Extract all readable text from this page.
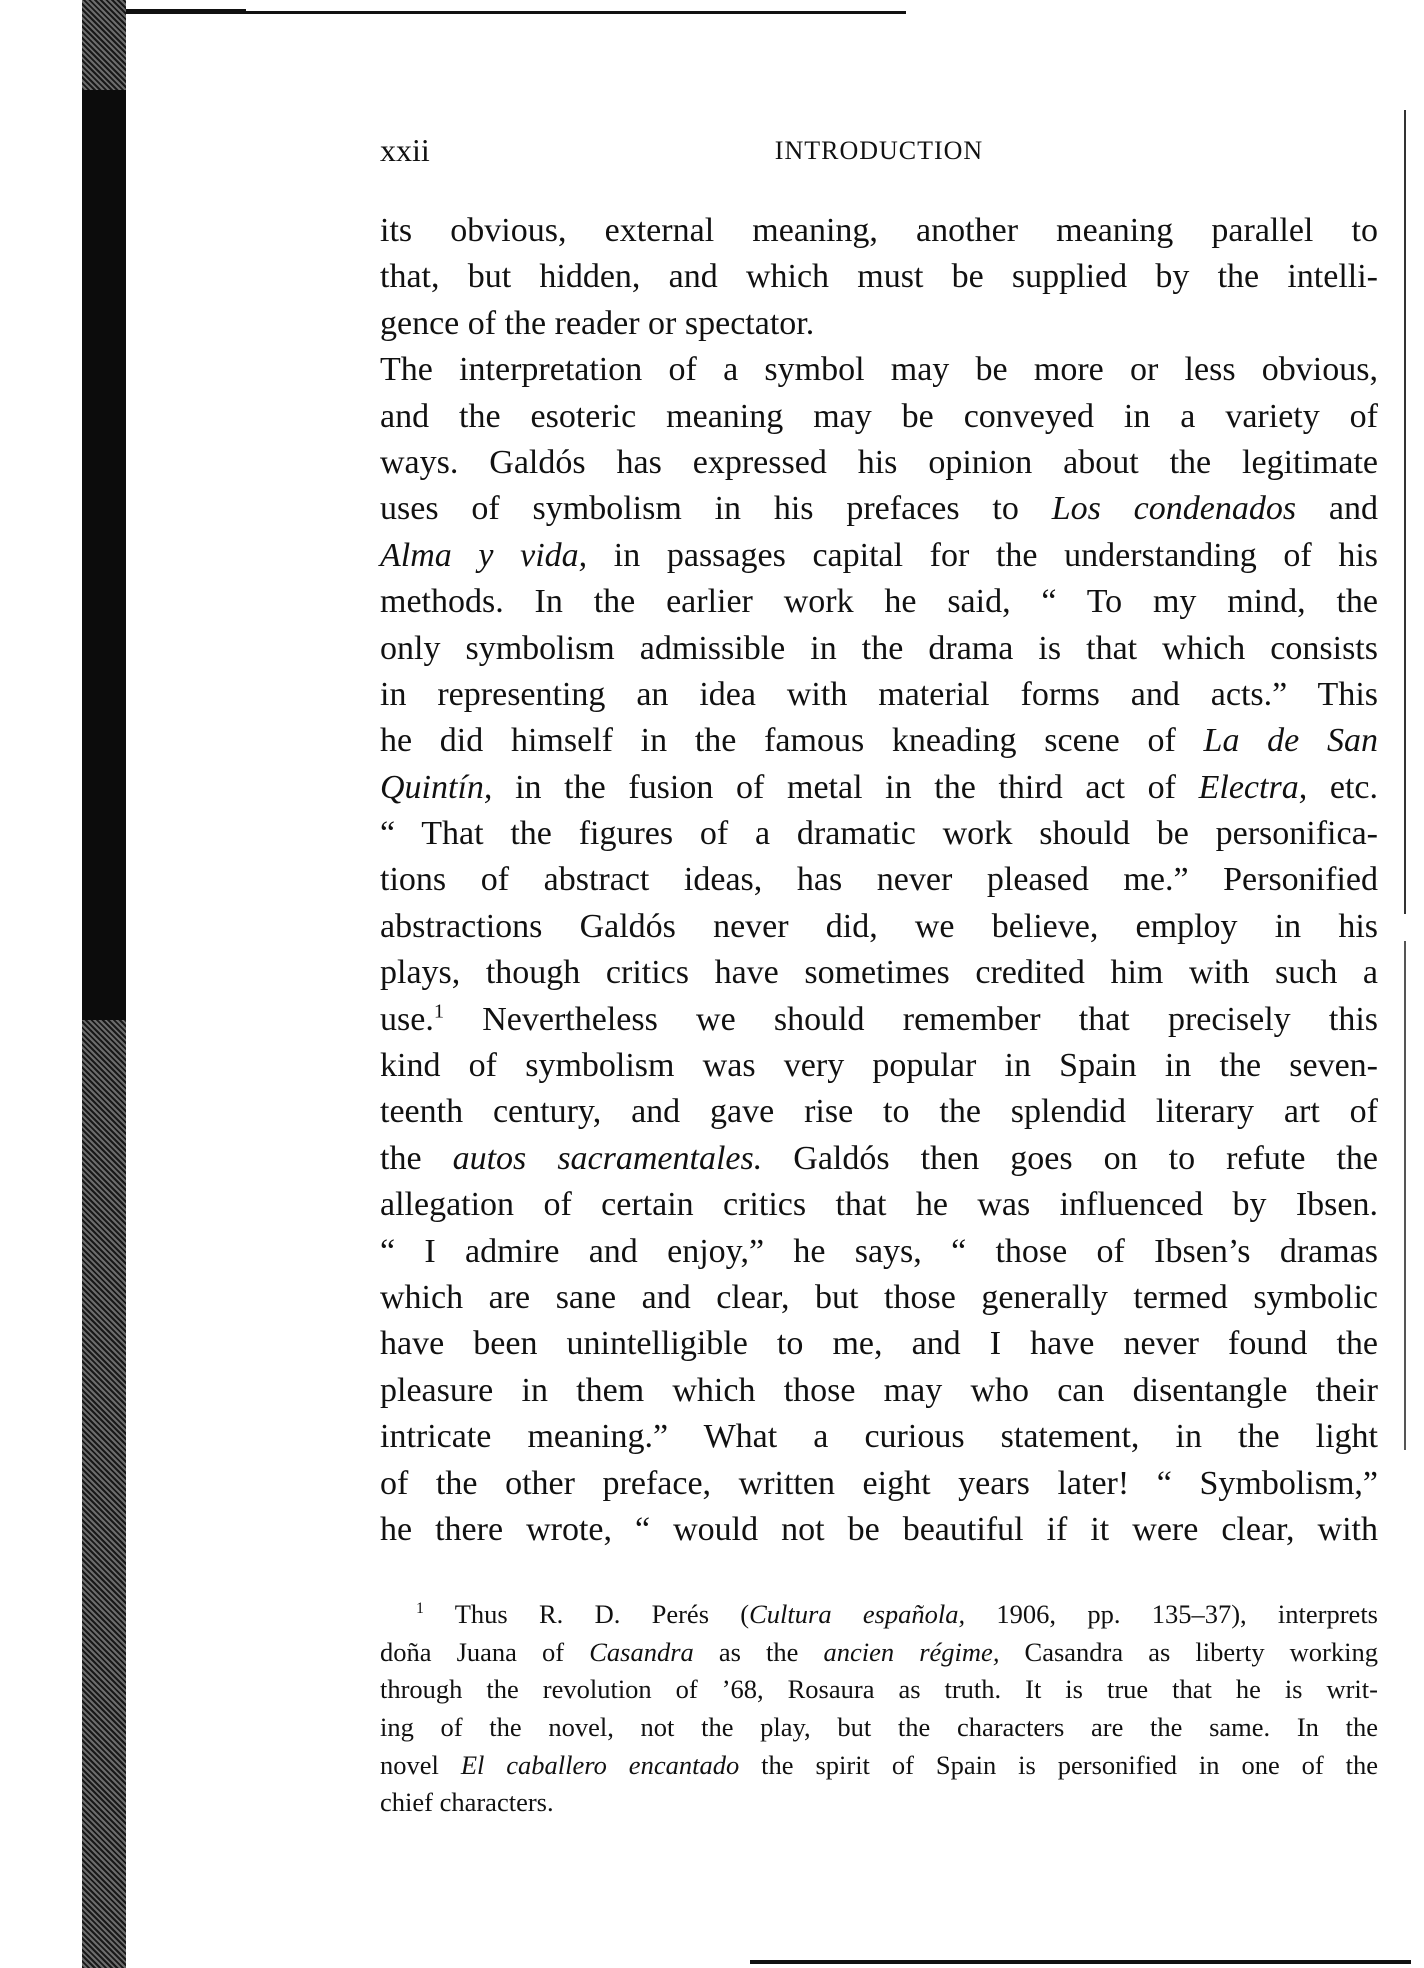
xxii	INTRODUCTION
its obvious, external meaning, another meaning parallel to
that, but hidden, and which must be supplied by the intelli-
gence of the reader or spectator.
The interpretation of a symbol may be more or less obvious,
and the esoteric meaning may be conveyed in a variety of
ways. Galdós has expressed his opinion about the legitimate
uses of symbolism in his prefaces to Los condenados and
Alma y vida, in passages capital for the understanding of his
methods. In the earlier work he said, “ To my mind, the
only symbolism admissible in the drama is that which consists
in representing an idea with material forms and acts.” This
he did himself in the famous kneading scene of La de San
Quintín, in the fusion of metal in the third act of Electra, etc.
“ That the figures of a dramatic work should be personifica-
tions of abstract ideas, has never pleased me.” Personified
abstractions Galdós never did, we believe, employ in his
plays, though critics have sometimes credited him with such a
use.$^1$ Nevertheless we should remember that precisely this
kind of symbolism was very popular in Spain in the seven-
teenth century, and gave rise to the splendid literary art of
the autos sacramentales. Galdós then goes on to refute the
allegation of certain critics that he was influenced by Ibsen.
“ I admire and enjoy,” he says, “ those of Ibsen’s dramas
which are sane and clear, but those generally termed symbolic
have been unintelligible to me, and I have never found the
pleasure in them which those may who can disentangle their
intricate meaning.” What a curious statement, in the light
of the other preface, written eight years later! “ Symbolism,”
he there wrote, “ would not be beautiful if it were clear, with
$^1$ Thus R. D. Perés (Cultura española, 1906, pp. 135–37), interprets
doña Juana of Casandra as the ancien régime, Casandra as liberty working
through the revolution of ’68, Rosaura as truth. It is true that he is writ-
ing of the novel, not the play, but the characters are the same. In the
novel El caballero encantado the spirit of Spain is personified in one of the
chief characters.
